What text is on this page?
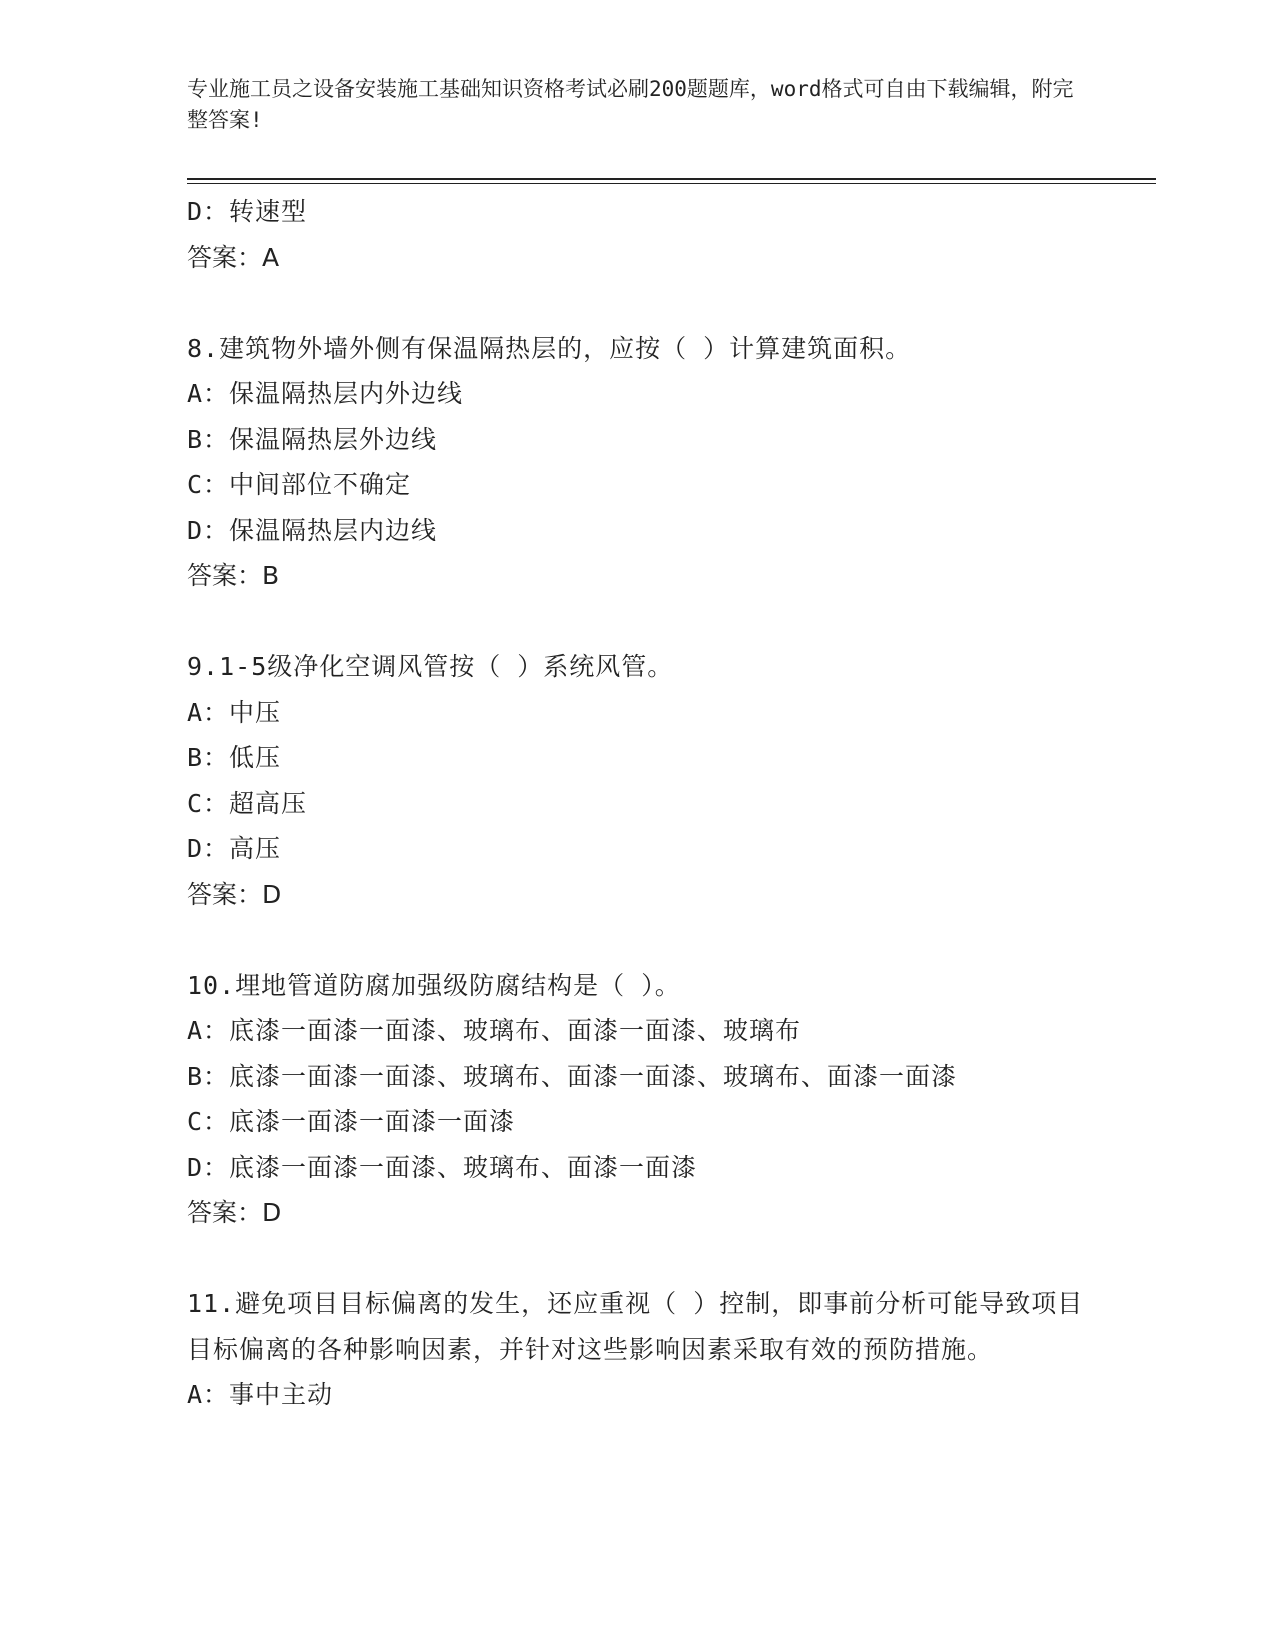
专业施工员之设备安装施工基础知识资格考试必刷200题题库，word格式可自由下载编辑，附完整答案!
D：转速型
答案：A
8.建筑物外墙外侧有保温隔热层的，应按（ ）计算建筑面积。
A：保温隔热层内外边线
B：保温隔热层外边线
C：中间部位不确定
D：保温隔热层内边线
答案：B
9.1-5级净化空调风管按（ ）系统风管。
A：中压
B：低压
C：超高压
D：高压
答案：D
10.埋地管道防腐加强级防腐结构是（ ）。
A：底漆一面漆一面漆、玻璃布、面漆一面漆、玻璃布
B：底漆一面漆一面漆、玻璃布、面漆一面漆、玻璃布、面漆一面漆
C：底漆一面漆一面漆一面漆
D：底漆一面漆一面漆、玻璃布、面漆一面漆
答案：D
11.避免项目目标偏离的发生，还应重视（ ）控制，即事前分析可能导致项目目标偏离的各种影响因素，并针对这些影响因素采取有效的预防措施。
A：事中主动
